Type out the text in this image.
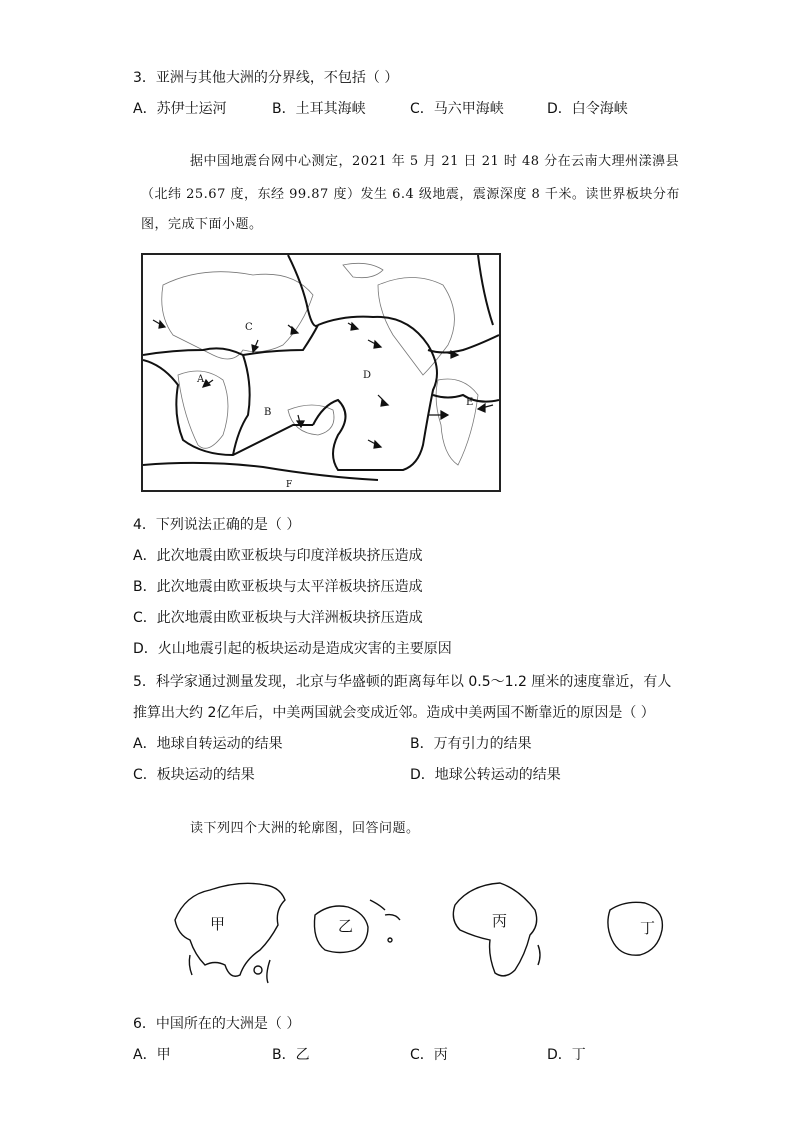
3．亚洲与其他大洲的分界线，不包括（ ）
A．苏伊士运河	B．土耳其海峡	C．马六甲海峡	D．白令海峡
据中国地震台网中心测定，2021 年 5 月 21 日 21 时 48 分在云南大理州漾濞县
（北纬 25.67 度，东经 99.87 度）发生 6.4 级地震，震源深度 8 千米。读世界板块分布
图，完成下面小题。
A
B
C
D
E
F
4．下列说法正确的是（ ）
A．此次地震由欧亚板块与印度洋板块挤压造成
B．此次地震由欧亚板块与太平洋板块挤压造成
C．此次地震由欧亚板块与大洋洲板块挤压造成
D．火山地震引起的板块运动是造成灾害的主要原因
5．科学家通过测量发现，北京与华盛顿的距离每年以 0.5～1.2 厘米的速度靠近，有人
推算出大约 2亿年后，中美两国就会变成近邻。造成中美两国不断靠近的原因是（ ）
A．地球自转运动的结果	B．万有引力的结果
C．板块运动的结果	D．地球公转运动的结果
读下列四个大洲的轮廓图，回答问题。
甲	乙	丙	丁
6．中国所在的大洲是（ ）
A．甲	B．乙	C．丙	D．丁
